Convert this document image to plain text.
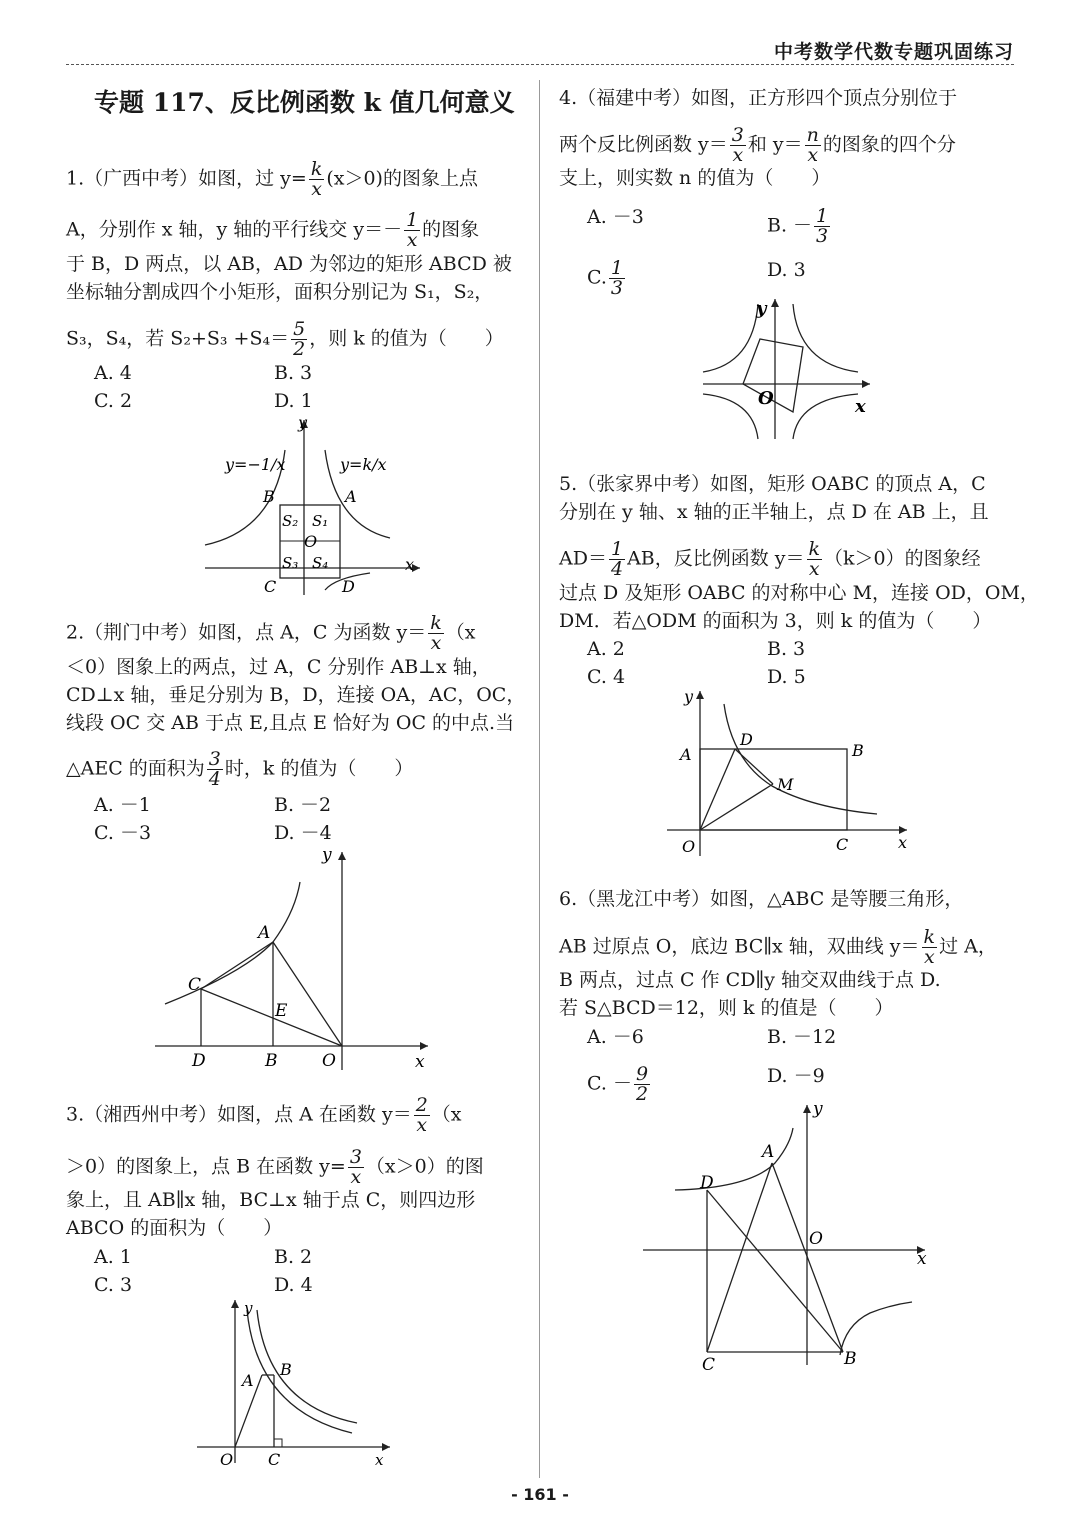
中考数学代数专题巩固练习
专题 117、反比例函数 k 值几何意义
1.（广西中考）如图，过 $y= \frac{k}{x} (x>0)$的图象上点
A，分别作 x 轴，y 轴的平行线交 $y=- \frac{1}{x}$ 的图象
于 B，D 两点，以 AB，AD 为邻边的矩形 ABCD 被
坐标轴分割成四个小矩形，面积分别记为 S₁，S₂，
S₃，S₄，若 $S_2+S_3 +S_4= \frac{5}{2}$ ，则 k 的值为（　　）
A. 4	B. 3
C. 2	D. 1
y
x
y=−1/x	y=k/x
B	A
S₂ S₁
O
S₃ S₄
C	D
2.（荆门中考）如图，点 A，C 为函数 $y= \frac{k}{x} (x$
＜0）图象上的两点，过 A，C 分别作 AB⊥x 轴，
CD⊥x 轴，垂足分别为 B，D，连接 OA，AC，OC，
线段 OC 交 AB 于点 E,且点 E 恰好为 OC 的中点.当
△AEC 的面积为 $\frac{3}{4}$ 时，k 的值为（　　）
A. －1	B. －2
C. －3	D. －4
y
x
A
C
E
D	B	O
3.（湘西州中考）如图，点 A 在函数 $y= \frac{2}{x} (x$
＞0）的图象上，点 B 在函数 $y= \frac{3}{x} (x>0)$的图
象上，且 AB∥x 轴，BC⊥x 轴于点 C，则四边形
ABCO 的面积为（　　）
A. 1	B. 2
C. 3	D. 4
y
x
A
B
O C
4.（福建中考）如图，正方形四个顶点分别位于
两个反比例函数 $y= \frac{3}{x}$ 和 $y= \frac{n}{x}$ 的图象的四个分
支上，则实数 n 的值为（　　）
A. －3	B. － $\frac{1}{3}$
C. $\frac{1}{3}$	D. 3
y
x
O
5.（张家界中考）如图，矩形 OABC 的顶点 A，C
分别在 y 轴、x 轴的正半轴上，点 D 在 AB 上，且
$AD= \frac{1}{4}$ AB，反比例函数 $y= \frac{k}{x} (k>0)$的图象经
过点 D 及矩形 OABC 的对称中心 M，连接 OD，OM，
DM．若△ODM 的面积为 3，则 k 的值为（　　）
A. 2	B. 3
C. 4	D. 5
y
x
A
D
B
M
O	C
6.（黑龙江中考）如图，△ABC 是等腰三角形，
AB 过原点 O，底边 BC∥x 轴，双曲线 $y= \frac{k}{x}$ 过 A，
B 两点，过点 C 作 CD∥y 轴交双曲线于点 D.
若 S△BCD＝12，则 k 的值是（　　）
A. －6	B. －12
C. － $\frac{9}{2}$	D. －9
y
x
A
D
O
C	B
- 161 -
